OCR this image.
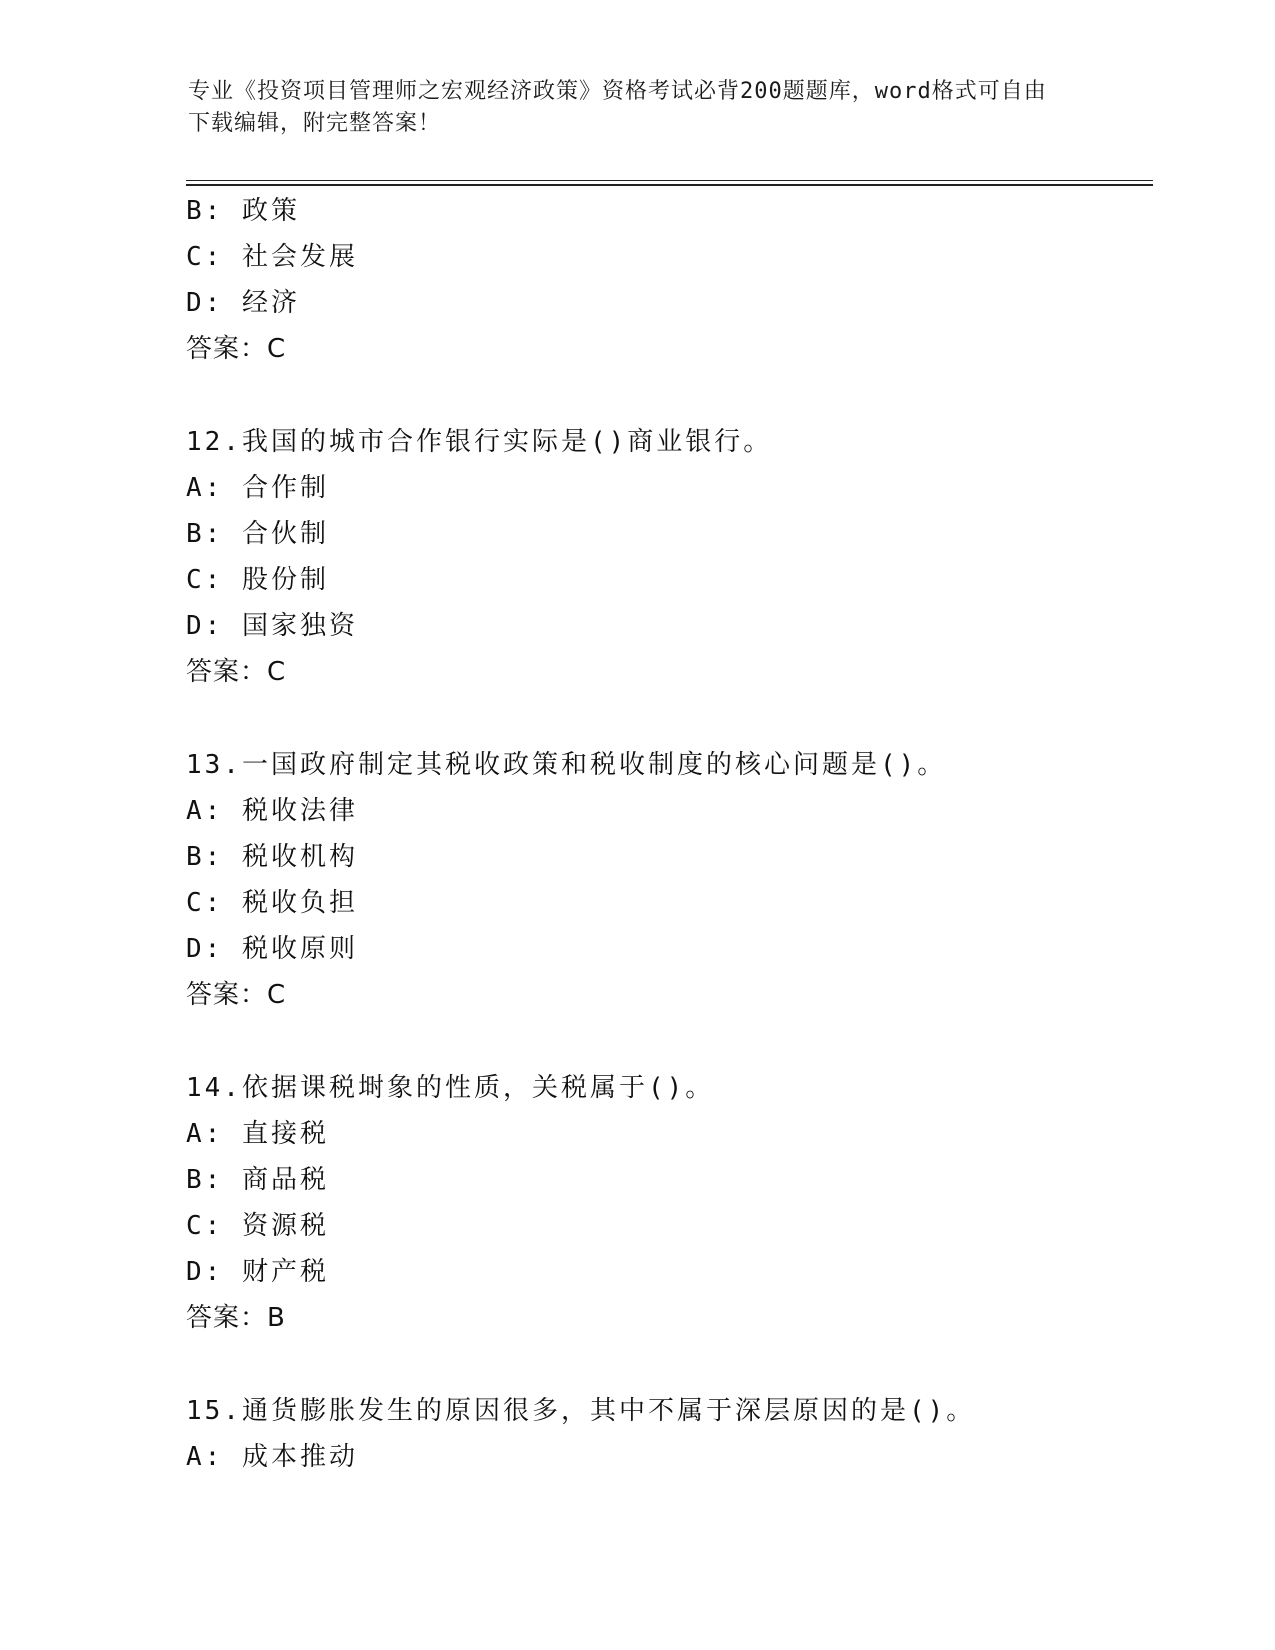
专业《投资项目管理师之宏观经济政策》资格考试必背200题题库，word格式可自由下载编辑，附完整答案！
B: 政策
C: 社会发展
D: 经济
答案：C
12.我国的城市合作银行实际是()商业银行。
A: 合作制
B: 合伙制
C: 股份制
D: 国家独资
答案：C
13.一国政府制定其税收政策和税收制度的核心问题是()。
A: 税收法律
B: 税收机构
C: 税收负担
D: 税收原则
答案：C
14.依据课税埘象的性质，关税属于()。
A: 直接税
B: 商品税
C: 资源税
D: 财产税
答案：B
15.通货膨胀发生的原因很多，其中不属于深层原因的是()。
A: 成本推动
